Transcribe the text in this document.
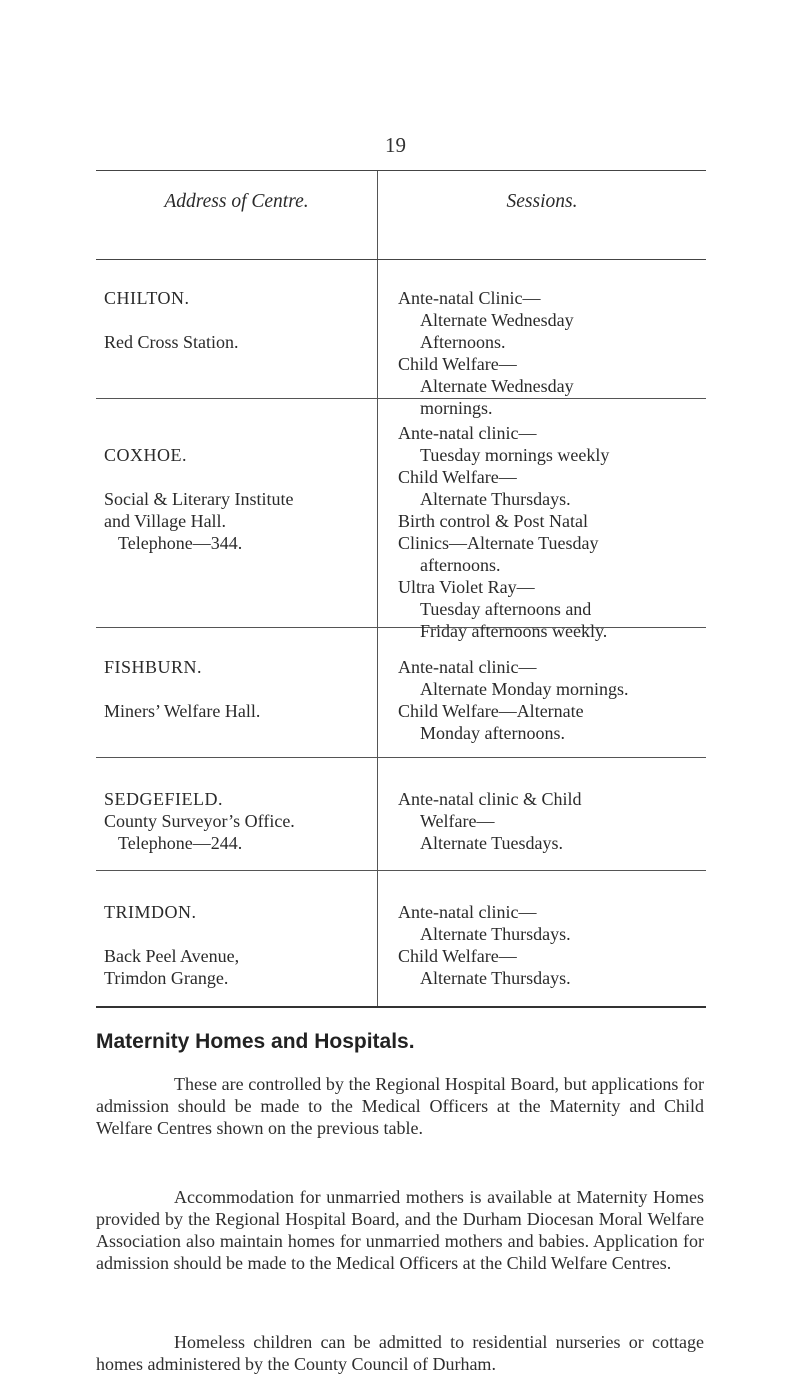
19
Address of Centre.	Sessions.

CHILTON.

Red Cross Station.

Ante-natal Clinic—

Alternate Wednesday

Afternoons.

Child Welfare—

Alternate Wednesday

mornings.

COXHOE.

Social & Literary Institute

and Village Hall.

Telephone—344.

Ante-natal clinic—

Tuesday mornings weekly

Child Welfare—

Alternate Thursdays.

Birth control & Post Natal

Clinics—Alternate Tuesday

afternoons.

Ultra Violet Ray—

Tuesday afternoons and

Friday afternoons weekly.

FISHBURN.

Miners’ Welfare Hall.

Ante-natal clinic—

Alternate Monday mornings.

Child Welfare—Alternate

Monday afternoons.

SEDGEFIELD.

County Surveyor’s Office.

Telephone—244.

Ante-natal clinic & Child

Welfare—

Alternate Tuesdays.

TRIMDON.

Back Peel Avenue,

Trimdon Grange.

Ante-natal clinic—

Alternate Thursdays.

Child Welfare—

Alternate Thursdays.

Maternity Homes and Hospitals.

These are controlled by the Regional Hospital Board, but applications for admission should be made to the Medical Officers at the Maternity and Child Welfare Centres shown on the previous table.

Accommodation for unmarried mothers is available at Maternity Homes provided by the Regional Hospital Board, and the Durham Diocesan Moral Welfare Association also maintain homes for unmarried mothers and babies. Application for admission should be made to the Medical Officers at the Child Welfare Centres.

Homeless children can be admitted to residential nurseries or cottage homes administered by the County Council of Durham.
